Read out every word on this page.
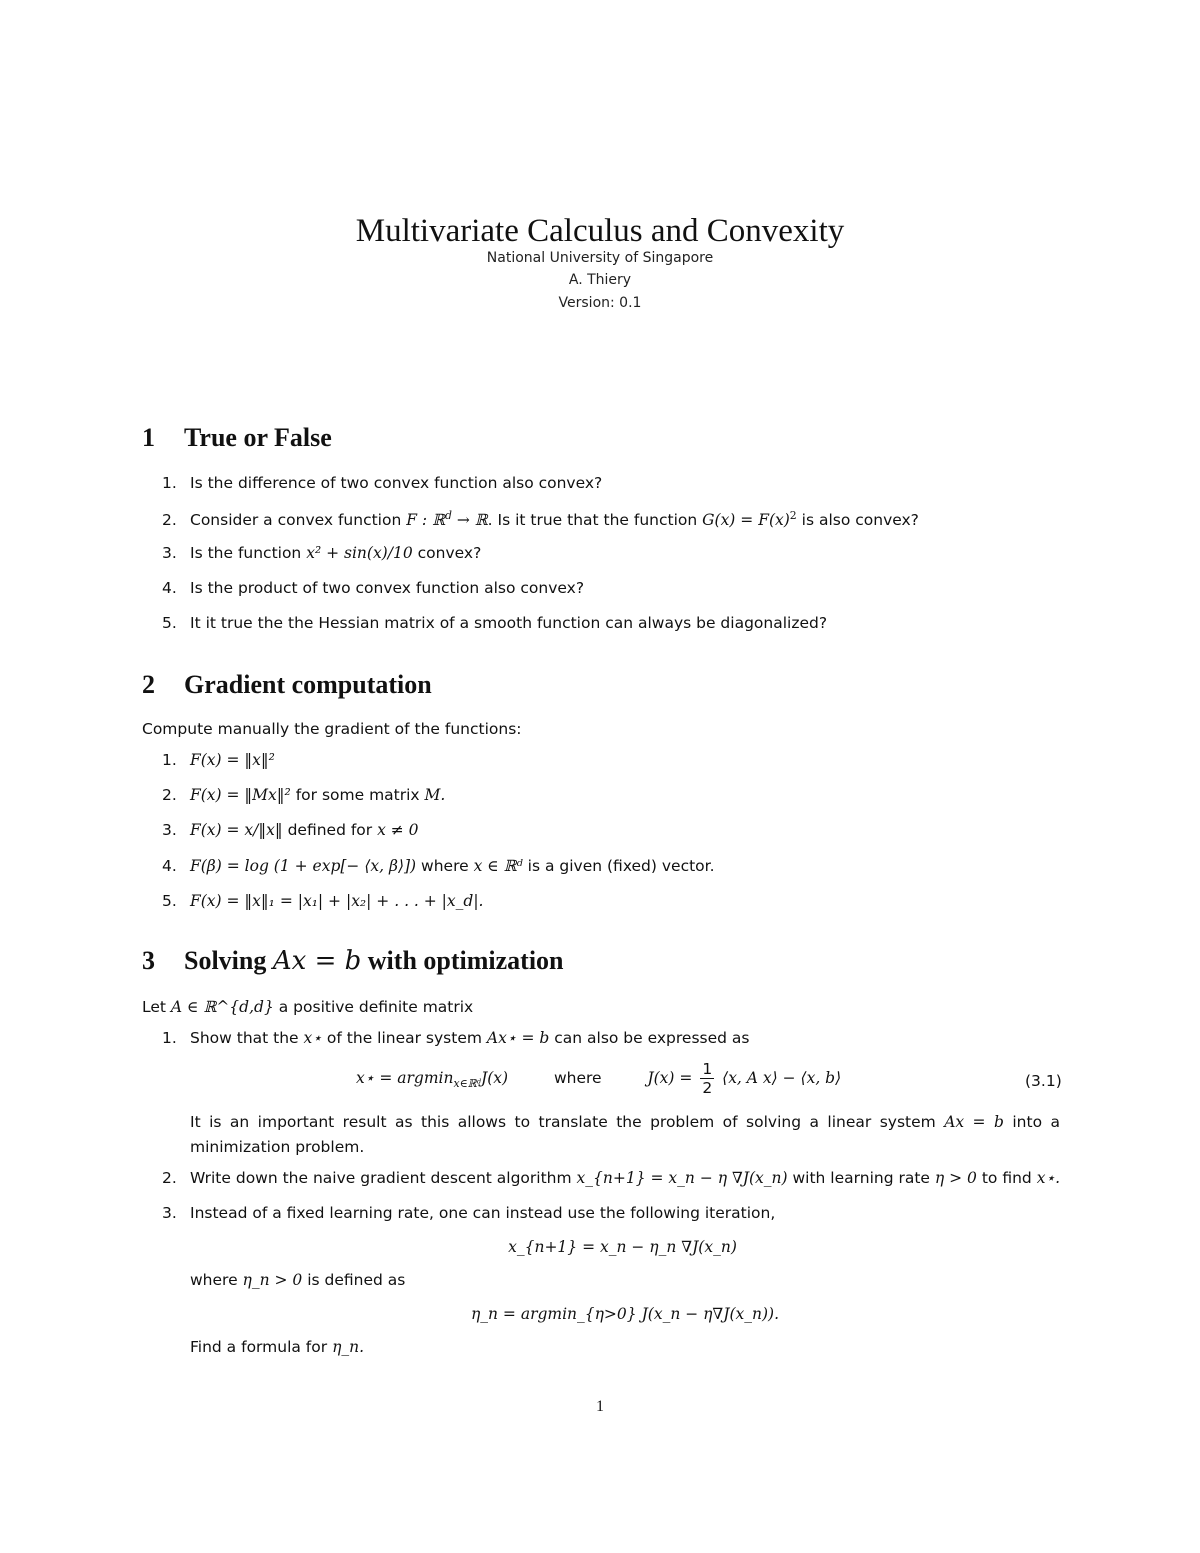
Multivariate Calculus and Convexity
National University of Singapore
A. Thiery
Version: 0.1
1 True or False
1. Is the difference of two convex function also convex?
2. Consider a convex function F : ℝ$^d$ → ℝ. Is it true that the function $G(x) = F(x)^2$ is also convex?
3. Is the function x² + sin(x)/10 convex?
4. Is the product of two convex function also convex?
5. It it true the the Hessian matrix of a smooth function can always be diagonalized?
2 Gradient computation
Compute manually the gradient of the functions:
1. F(x) = ‖x‖²
2. F(x) = ‖Mx‖² for some matrix M.
3. F(x) = x/‖x‖ defined for x ≠ 0
4. F(β) = log (1 + exp[− ⟨x, β⟩]) where x ∈ ℝᵈ is a given (fixed) vector.
5. F(x) = ‖x‖₁ = |x₁| + |x₂| + . . . + |x_d|.
3 Solving Ax = b with optimization
Let A ∈ ℝ^{d,d} a positive definite matrix
1. Show that the x⋆ of the linear system Ax⋆ = b can also be expressed as
x⋆ = argmin$_{x\in ℝᵈ}$J(x)	where	$J(x) = \frac{1}{2}$ ⟨x, A x⟩ − ⟨x, b⟩	(3.1)
It is an important result as this allows to translate the problem of solving a linear system Ax = b into a minimization problem.
2. Write down the naive gradient descent algorithm x_{n+1} = x_n − η ∇J(x_n) with learning rate η > 0 to find x⋆.
3. Instead of a fixed learning rate, one can instead use the following iteration,
x_{n+1} = x_n − η_n ∇J(x_n)
where η_n > 0 is defined as
η_n = argmin_{η>0} J(x_n − η∇J(x_n)).
Find a formula for η_n.
1
